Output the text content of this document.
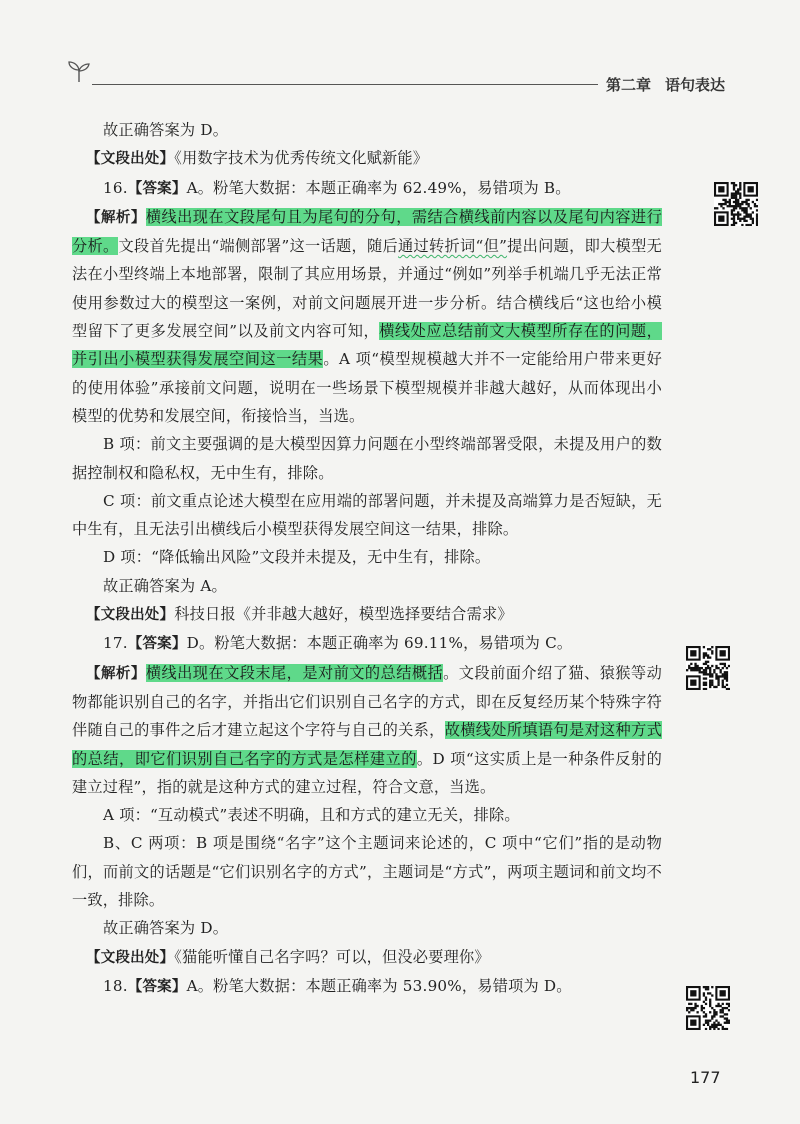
第二章 语句表达

故正确答案为 D。

【文段出处】《用数字技术为优秀传统文化赋新能》

16.【答案】A。粉笔大数据：本题正确率为 62.49%，易错项为 B。

【解析】横线出现在文段尾句且为尾句的分句，需结合横线前内容以及尾句内容进行分析。文段首先提出“端侧部署”这一话题，随后通过转折词“但”提出问题，即大模型无法在小型终端上本地部署，限制了其应用场景，并通过“例如”列举手机端几乎无法正常使用参数过大的模型这一案例，对前文问题展开进一步分析。结合横线后“这也给小模型留下了更多发展空间”以及前文内容可知，横线处应总结前文大模型所存在的问题，并引出小模型获得发展空间这一结果。A 项“模型规模越大并不一定能给用户带来更好的使用体验”承接前文问题，说明在一些场景下模型规模并非越大越好，从而体现出小模型的优势和发展空间，衔接恰当，当选。

B 项：前文主要强调的是大模型因算力问题在小型终端部署受限，未提及用户的数据控制权和隐私权，无中生有，排除。

C 项：前文重点论述大模型在应用端的部署问题，并未提及高端算力是否短缺，无中生有，且无法引出横线后小模型获得发展空间这一结果，排除。

D 项：“降低输出风险”文段并未提及，无中生有，排除。

故正确答案为 A。

【文段出处】科技日报《并非越大越好，模型选择要结合需求》

17.【答案】D。粉笔大数据：本题正确率为 69.11%，易错项为 C。

【解析】横线出现在文段末尾，是对前文的总结概括。文段前面介绍了猫、猿猴等动物都能识别自己的名字，并指出它们识别自己名字的方式，即在反复经历某个特殊字符伴随自己的事件之后才建立起这个字符与自己的关系，故横线处所填语句是对这种方式的总结，即它们识别自己名字的方式是怎样建立的。D 项“这实质上是一种条件反射的建立过程”，指的就是这种方式的建立过程，符合文意，当选。

A 项：“互动模式”表述不明确，且和方式的建立无关，排除。

B、C 两项：B 项是围绕“名字”这个主题词来论述的，C 项中“它们”指的是动物们，而前文的话题是“它们识别名字的方式”，主题词是“方式”，两项主题词和前文均不一致，排除。

故正确答案为 D。

【文段出处】《猫能听懂自己名字吗？可以，但没必要理你》

18.【答案】A。粉笔大数据：本题正确率为 53.90%，易错项为 D。

177
